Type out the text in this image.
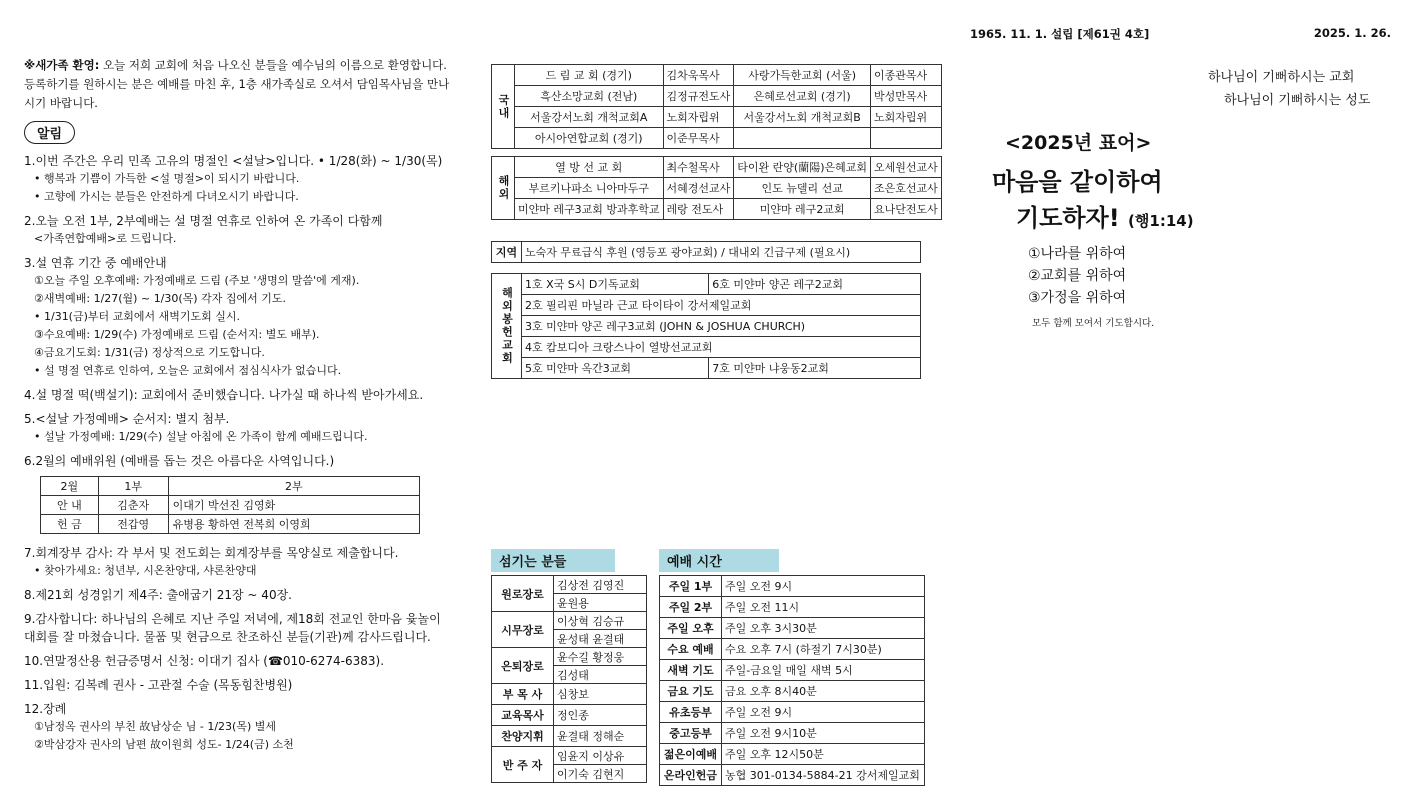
1965. 11. 1. 설립 [제61권 4호]	2025. 1. 26.
※새가족 환영: 오늘 저희 교회에 처음 나오신 분들을 예수님의 이름으로 환영합니다. 등록하기를 원하시는 분은 예배를 마친 후, 1층 새가족실로 오셔서 담임목사님을 만나시기 바랍니다.
알림
1.이번 주간은 우리 민족 고유의 명절인 <설날>입니다. • 1/28(화) ~ 1/30(목)
• 행복과 기쁨이 가득한 <설 명절>이 되시기 바랍니다.
• 고향에 가시는 분들은 안전하게 다녀오시기 바랍니다.
2.오늘 오전 1부, 2부예배는 설 명절 연휴로 인하여 온 가족이 다함께
<가족연합예배>로 드립니다.
3.설 연휴 기간 중 예배안내
①오늘 주일 오후예배: 가정예배로 드림 (주보 '생명의 말씀'에 게재).
②새벽예배: 1/27(월) ~ 1/30(목) 각자 집에서 기도.
• 1/31(금)부터 교회에서 새벽기도회 실시.
③수요예배: 1/29(수) 가정예배로 드림 (순서지: 별도 배부).
④금요기도회: 1/31(금) 정상적으로 기도합니다.
• 설 명절 연휴로 인하여, 오늘은 교회에서 점심식사가 없습니다.
4.설 명절 떡(백설기): 교회에서 준비했습니다. 나가실 때 하나씩 받아가세요.
5.<설날 가정예배> 순서지: 별지 첨부.
• 설날 가정예배: 1/29(수) 설날 아침에 온 가족이 함께 예배드립니다.
6.2월의 예배위원 (예배를 돕는 것은 아름다운 사역입니다.)
2월	1부	2부
안 내	김춘자	이대기 박선진 김영화
헌 금	전갑영	유병용 황하연 전복희 이영희
7.회계장부 감사: 각 부서 및 전도회는 회계장부를 목양실로 제출합니다.
• 찾아가세요: 청년부, 시온찬양대, 샤론찬양대
8.제21회 성경읽기 제4주: 출애굽기 21장 ~ 40장.
9.감사합니다: 하나님의 은혜로 지난 주일 저녁에, 제18회 전교인 한마음 윷놀이 대회를 잘 마쳤습니다. 물품 및 현금으로 찬조하신 분들(기관)께 감사드립니다.
10.연말정산용 헌금증명서 신청: 이대기 집사 (☎010-6274-6383).
11.입원: 김복례 권사 - 고관절 수술 (목동힘찬병원)
12.장례
①남정옥 권사의 부친 故남상순 님 - 1/23(목) 별세
②박삼강자 권사의 남편 故이원희 성도- 1/24(금) 소천
국내	드 림 교 회 (경기)	김차욱목사	사랑가득한교회 (서울)	이종관목사
	흑산소망교회 (전남)	김정규전도사	은혜로선교회 (경기)	박성만목사
	서울강서노회 개척교회A	노회자립위	서울강서노회 개척교회B	노회자립위
	아시아연합교회 (경기)	이준무목사		

해외	열 방 선 교 회	최수철목사	타이완 란양(蘭陽)은혜교회	오세원선교사
	부르키나파소 니아마두구	서혜경선교사	인도 뉴델리 선교	조은호선교사
	미얀마 레구3교회 방과후학교	레랑 전도사	미얀마 레구2교회	요나단전도사
지역	노숙자 무료급식 후원 (영등포 광야교회) / 대내외 긴급구제 (필요시)
해외봉헌교회	1호 X국 S시 D기독교회	6호 미얀마 양곤 레구2교회
	2호 필리핀 마닐라 근교 타이타이 강서제일교회	
	3호 미얀마 양곤 레구3교회 (JOHN & JOSHUA CHURCH)	
	4호 캄보디아 크랑스나이 열방선교교회	
	5호 미얀마 옥간3교회	7호 미얀마 냐웅동2교회
섬기는 분들
원로장로	김상전 김영진
	윤원용
시무장로	이상혁 김승규
	윤성태 윤결태
은퇴장로	윤수길 황정웅
	김성태
부 목 사	심창보
교육목사	정인종
찬양지휘	윤결태 정해순
반 주 자	임윤지 이상유
	이기숙 김현지
예배 시간
주일 1부	주일 오전 9시
주일 2부	주일 오전 11시
주일 오후	주일 오후 3시30분
수요 예배	수요 오후 7시 (하절기 7시30분)
새벽 기도	주일-금요일 매일 새벽 5시
금요 기도	금요 오후 8시40분
유초등부	주일 오전 9시
중고등부	주일 오전 9시10분
젊은이예배	주일 오후 12시50분
온라인헌금	농협 301-0134-5884-21 강서제일교회
하나님이 기뻐하시는 교회
하나님이 기뻐하시는 성도
<2025년 표어>
마음을 같이하여
기도하자! (행1:14)
①나라를 위하여
②교회를 위하여
③가정을 위하여
모두 함께 모여서 기도합시다.
